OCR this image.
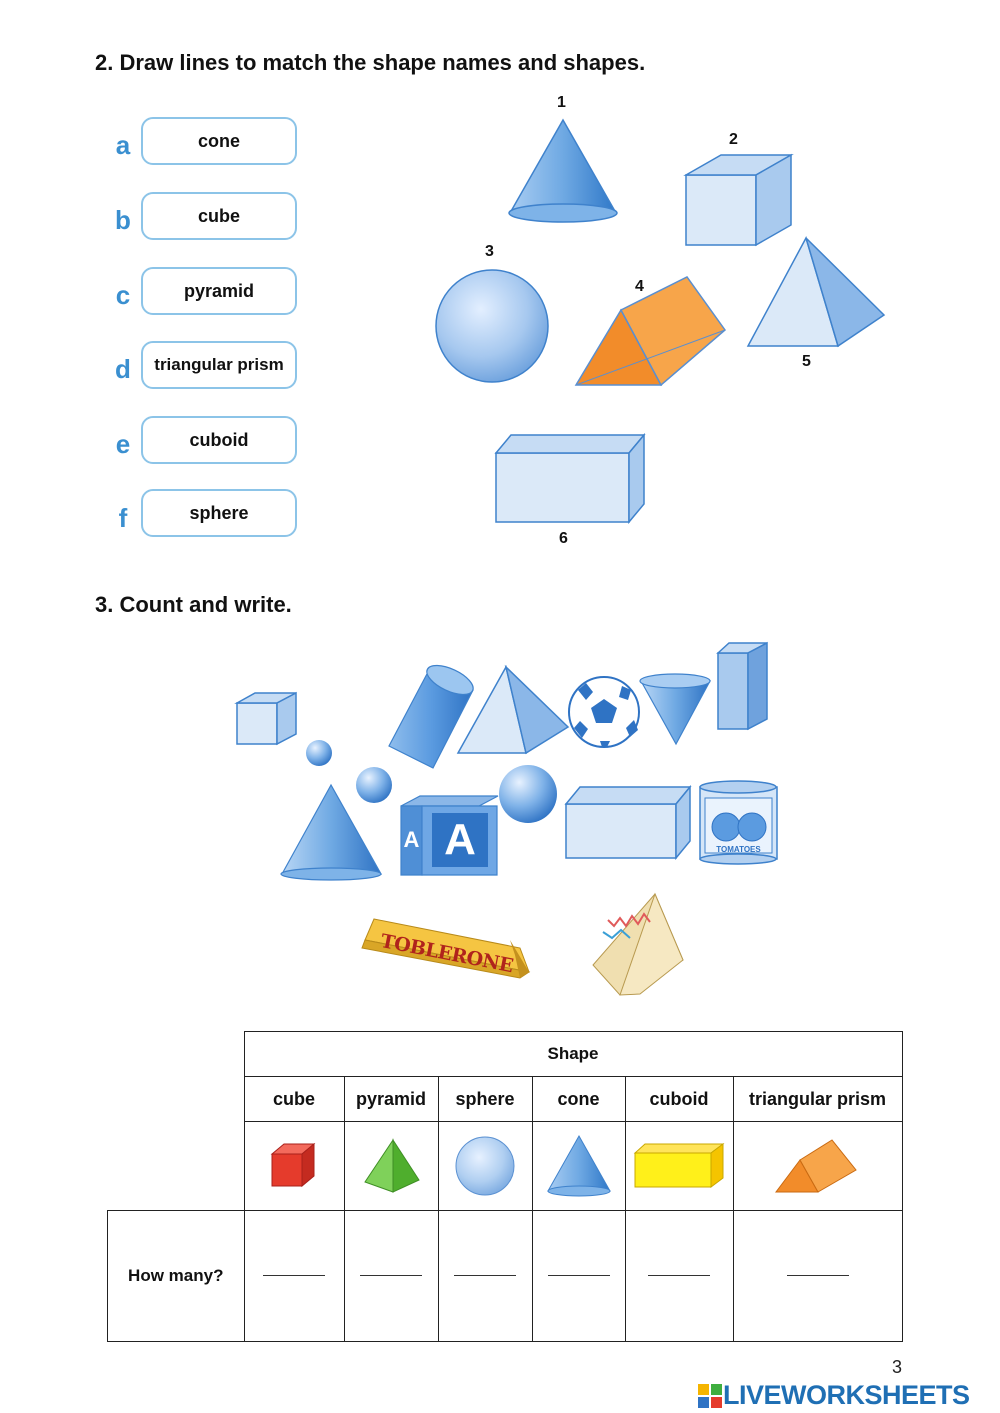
2. Draw lines to match the shape names and shapes.
a	cone
b	cube
c	pyramid
d	triangular prism
e	cuboid
f	sphere
1
2
3
4
5
6
3. Count and write.
A
A	TOMATOES
TOBLERONE
	Shape					
	cube	pyramid	sphere	cone	cuboid	triangular prism

How many?						
3
LIVEWORKSHEETS
